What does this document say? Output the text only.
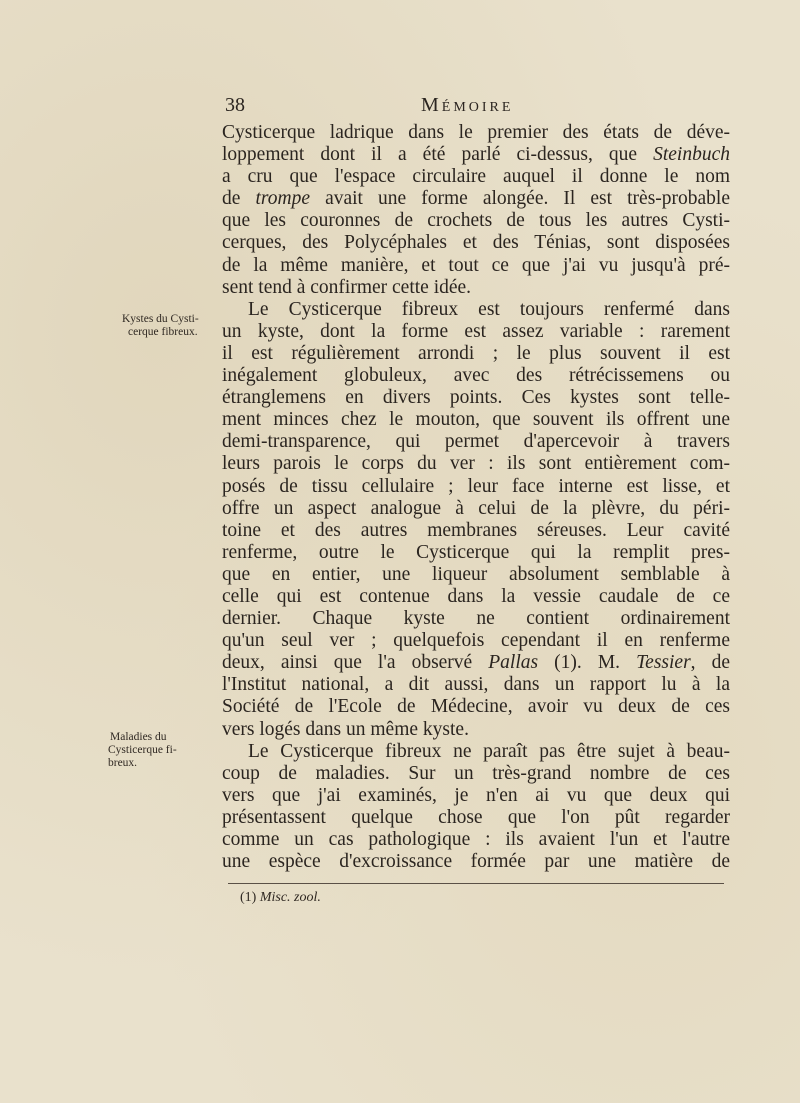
38	Mémoire
Kystes du Cysti-
cerque fibreux.
Maladies du
Cysticerque fi-
breux.
Cysticerque ladrique dans le premier des états de déve-
loppement dont il a été parlé ci-dessus, que Steinbuch
a cru que l'espace circulaire auquel il donne le nom
de trompe avait une forme alongée. Il est très-probable
que les couronnes de crochets de tous les autres Cysti-
cerques, des Polycéphales et des Ténias, sont disposées
de la même manière, et tout ce que j'ai vu jusqu'à pré-
sent tend à confirmer cette idée.
Le Cysticerque fibreux est toujours renfermé dans
un kyste, dont la forme est assez variable : rarement
il est régulièrement arrondi ; le plus souvent il est
inégalement globuleux, avec des rétrécissemens ou
étranglemens en divers points. Ces kystes sont telle-
ment minces chez le mouton, que souvent ils offrent une
demi-transparence, qui permet d'apercevoir à travers
leurs parois le corps du ver : ils sont entièrement com-
posés de tissu cellulaire ; leur face interne est lisse, et
offre un aspect analogue à celui de la plèvre, du péri-
toine et des autres membranes séreuses. Leur cavité
renferme, outre le Cysticerque qui la remplit pres-
que en entier, une liqueur absolument semblable à
celle qui est contenue dans la vessie caudale de ce
dernier. Chaque kyste ne contient ordinairement
qu'un seul ver ; quelquefois cependant il en renferme
deux, ainsi que l'a observé Pallas (1). M. Tessier, de
l'Institut national, a dit aussi, dans un rapport lu à la
Société de l'Ecole de Médecine, avoir vu deux de ces
vers logés dans un même kyste.
Le Cysticerque fibreux ne paraît pas être sujet à beau-
coup de maladies. Sur un très-grand nombre de ces
vers que j'ai examinés, je n'en ai vu que deux qui
présentassent quelque chose que l'on pût regarder
comme un cas pathologique : ils avaient l'un et l'autre
une espèce d'excroissance formée par une matière de
(1) Misc. zool.
